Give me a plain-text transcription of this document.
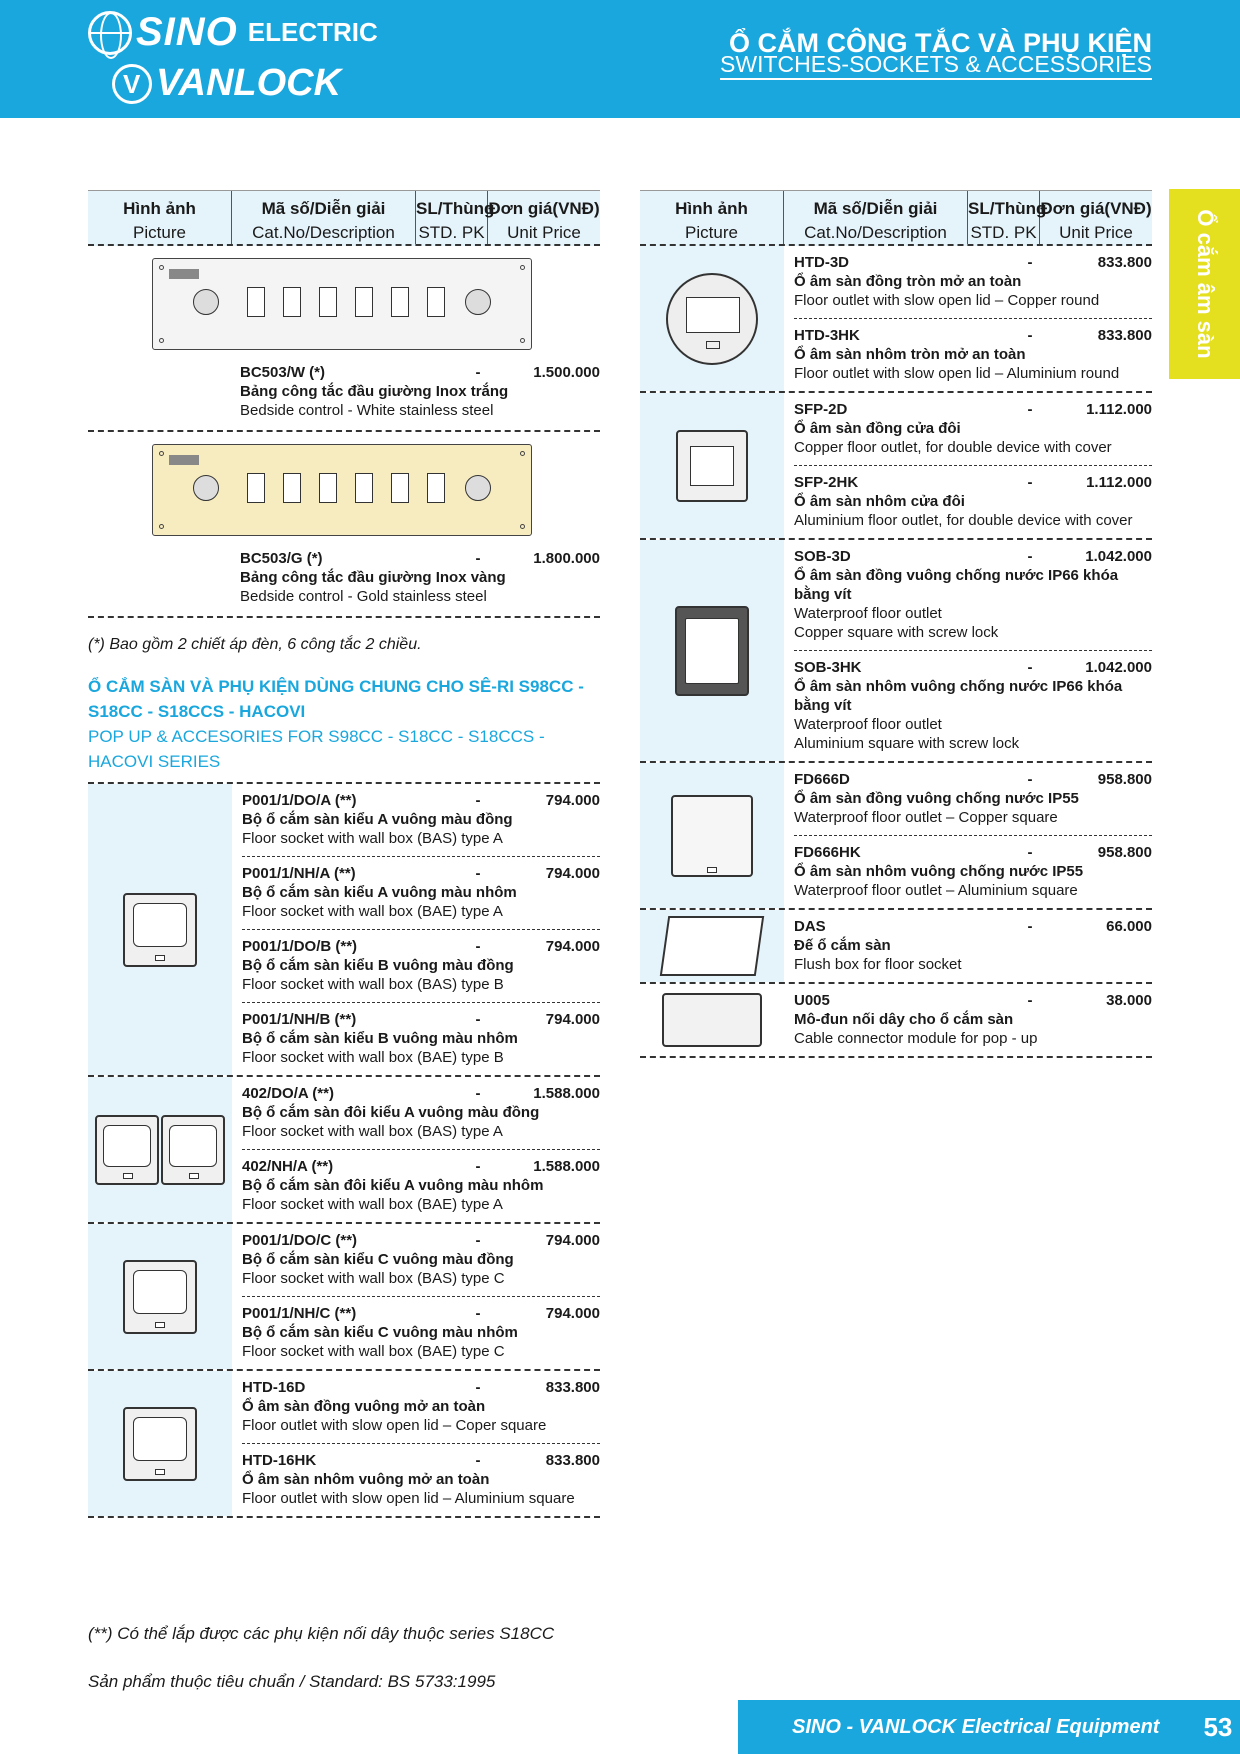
SINO ELECTRIC
V
VANLOCK
Ổ CẮM CÔNG TẮC VÀ PHỤ KIỆN
SWITCHES-SOCKETS & ACCESSORIES
Ổ cắm âm sàn
Hình ảnh
Picture
Mã số/Diễn giải
Cat.No/Description
SL/Thùng
STD. PK
Đơn giá(VNĐ)
Unit Price
BC503/W (*)	-	1.500.000
Bảng công tắc đầu giường Inox trắng
Bedside control - White stainless steel
BC503/G (*)	-	1.800.000
Bảng công tắc đầu giường Inox vàng
Bedside control - Gold stainless steel
(*) Bao gồm 2 chiết áp đèn, 6 công tắc 2 chiều.
Ổ CẮM SÀN VÀ PHỤ KIỆN DÙNG CHUNG CHO SÊ-RI S98CC - S18CC - S18CCS - HACOVI
POP UP & ACCESORIES FOR S98CC - S18CC - S18CCS - HACOVI SERIES
P001/1/DO/A (**)	-	794.000
Bộ ổ cắm sàn kiểu A vuông màu đồng
Floor socket with wall box (BAS) type A
P001/1/NH/A (**)	-	794.000
Bộ ổ cắm sàn kiểu A vuông màu nhôm
Floor socket with wall box (BAE) type A
P001/1/DO/B (**)	-	794.000
Bộ ổ cắm sàn kiểu B vuông màu đồng
Floor socket with wall box (BAS) type B
P001/1/NH/B (**)	-	794.000
Bộ ổ cắm sàn kiểu B vuông màu nhôm
Floor socket with wall box (BAE) type B
402/DO/A (**)	-	1.588.000
Bộ ổ cắm sàn đôi kiểu A vuông màu đồng
Floor socket with wall box (BAS) type A
402/NH/A (**)	-	1.588.000
Bộ ổ cắm sàn đôi kiểu A vuông màu nhôm
Floor socket with wall box (BAE) type A
P001/1/DO/C (**)	-	794.000
Bộ ổ cắm sàn kiểu C vuông màu đồng
Floor socket with wall box (BAS) type C
P001/1/NH/C (**)	-	794.000
Bộ ổ cắm sàn kiểu C vuông màu nhôm
Floor socket with wall box (BAE) type C
HTD-16D	-	833.800
Ổ âm sàn đồng vuông mở an toàn
Floor outlet with slow open lid – Coper square
HTD-16HK	-	833.800
Ổ âm sàn nhôm vuông mở an toàn
Floor outlet with slow open lid – Aluminium square
Hình ảnh
Picture
Mã số/Diễn giải
Cat.No/Description
SL/Thùng
STD. PK
Đơn giá(VNĐ)
Unit Price
HTD-3D	-	833.800
Ổ âm sàn đồng tròn mở an toàn
Floor outlet with slow open lid – Copper round
HTD-3HK	-	833.800
Ổ âm sàn nhôm tròn mở an toàn
Floor outlet with slow open lid – Aluminium round
SFP-2D	-	1.112.000
Ổ âm sàn đồng cửa đôi
Copper floor outlet, for double device with cover
SFP-2HK	-	1.112.000
Ổ âm sàn nhôm cửa đôi
Aluminium floor outlet, for double device with cover
SOB-3D	-	1.042.000
Ổ âm sàn đồng vuông chống nước IP66 khóa bằng vít
Waterproof floor outlet
Copper square with screw lock
SOB-3HK	-	1.042.000
Ổ âm sàn nhôm vuông chống nước IP66 khóa bằng vít
Waterproof floor outlet
Aluminium square with screw lock
FD666D	-	958.800
Ổ âm sàn đồng vuông chống nước IP55
Waterproof floor outlet – Copper square
FD666HK	-	958.800
Ổ âm sàn nhôm vuông chống nước IP55
Waterproof floor outlet – Aluminium square
DAS	-	66.000
Đế ổ cắm sàn
Flush box for floor socket
U005	-	38.000
Mô-đun nối dây cho ổ cắm sàn
Cable connector module for pop - up
(**) Có thể lắp được các phụ kiện nối dây thuộc series S18CC
Sản phẩm thuộc tiêu chuẩn / Standard: BS 5733:1995
SINO - VANLOCK Electrical Equipment 53
